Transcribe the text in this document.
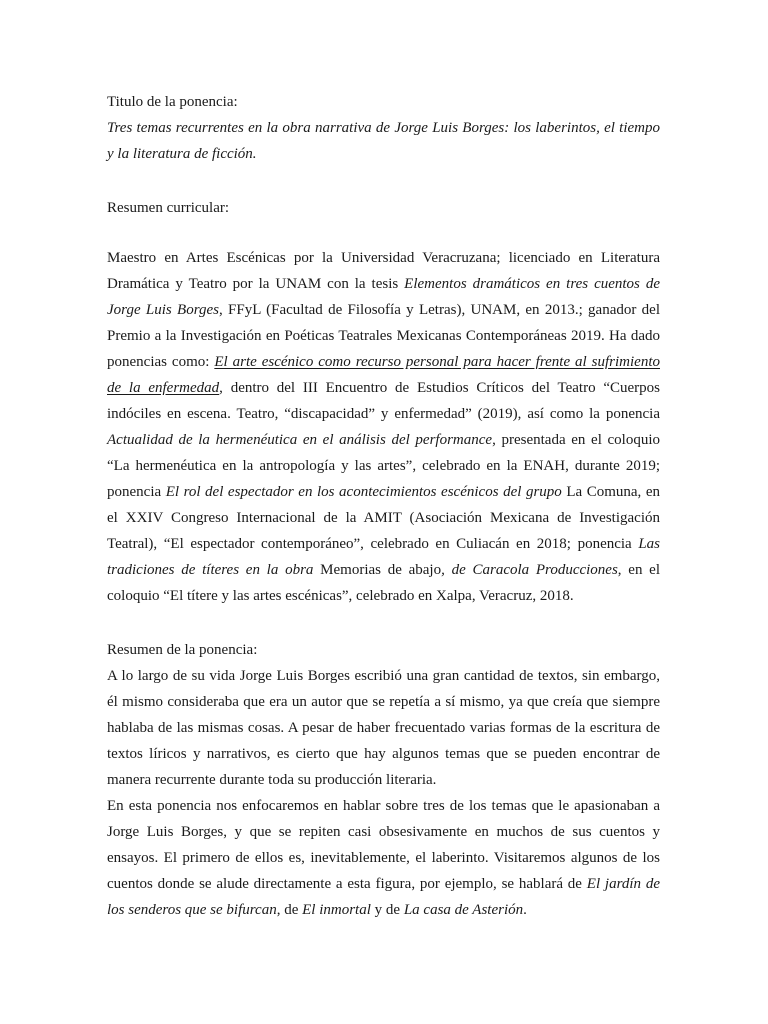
Titulo de la ponencia:
Tres temas recurrentes en la obra narrativa de Jorge Luis Borges: los laberintos, el tiempo
y la literatura de ficción.
Resumen curricular:
Maestro en Artes Escénicas por la Universidad Veracruzana; licenciado en Literatura
Dramática y Teatro por la UNAM con la tesis Elementos dramáticos en tres cuentos de
Jorge Luis Borges, FFyL (Facultad de Filosofía y Letras), UNAM, en 2013.; ganador del
Premio a la Investigación en Poéticas Teatrales Mexicanas Contemporáneas 2019. Ha dado
ponencias como: El arte escénico como recurso personal para hacer frente al sufrimiento
de la enfermedad, dentro del III Encuentro de Estudios Críticos del Teatro “Cuerpos
indóciles en escena. Teatro, “discapacidad” y enfermedad” (2019), así como la ponencia
Actualidad de la hermenéutica en el análisis del performance, presentada en el coloquio
“La hermenéutica en la antropología y las artes”, celebrado en la ENAH, durante 2019;
ponencia El rol del espectador en los acontecimientos escénicos del grupo La Comuna, en
el XXIV Congreso Internacional de la AMIT (Asociación Mexicana de Investigación
Teatral), “El espectador contemporáneo”, celebrado en Culiacán en 2018; ponencia Las
tradiciones de títeres en la obra Memorias de abajo, de Caracola Producciones, en el
coloquio “El títere y las artes escénicas”, celebrado en Xalpa, Veracruz, 2018.
Resumen de la ponencia:
A lo largo de su vida Jorge Luis Borges escribió una gran cantidad de textos, sin embargo,
él mismo consideraba que era un autor que se repetía a sí mismo, ya que creía que siempre
hablaba de las mismas cosas. A pesar de haber frecuentado varias formas de la escritura de
textos líricos y narrativos, es cierto que hay algunos temas que se pueden encontrar de
manera recurrente durante toda su producción literaria.
En esta ponencia nos enfocaremos en hablar sobre tres de los temas que le apasionaban a
Jorge Luis Borges, y que se repiten casi obsesivamente en muchos de sus cuentos y
ensayos. El primero de ellos es, inevitablemente, el laberinto. Visitaremos algunos de los
cuentos donde se alude directamente a esta figura, por ejemplo, se hablará de El jardín de
los senderos que se bifurcan, de El inmortal y de La casa de Asterión.
